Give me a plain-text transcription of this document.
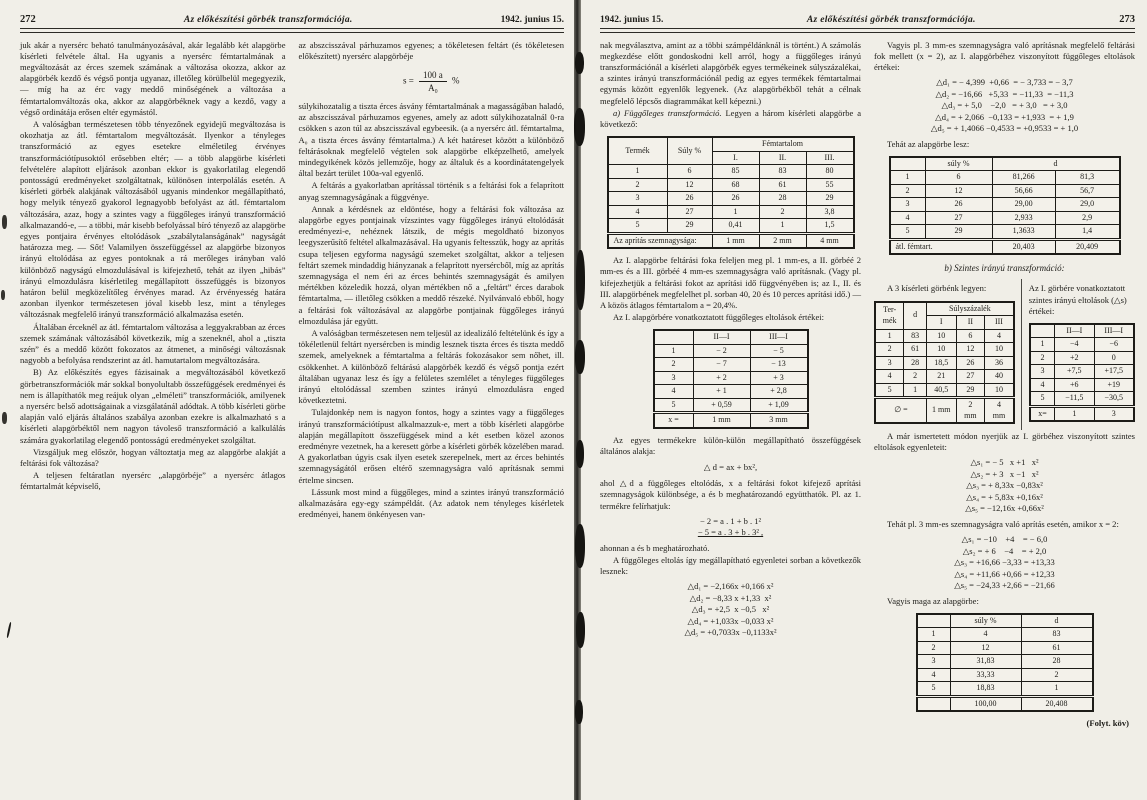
272	Az előkészítési görbék transzformációja.	1942. junius 15.

juk akár a nyersérc beható tanulmányozásával, akár legalább két alapgörbe kísérleti felvétele által. Ha ugyanis a nyersérc fémtartalmának a megváltozását az érces szemek számának a változása okozza, akkor az alapgörbék kezdő és végső pontja ugyanaz, illetőleg körülbelül megegyezik, — míg ha az érc vagy meddő minőségének a változása a fémtartalomváltozás oka, akkor az alapgörbéknek vagy a kezdő, vagy a végső ordinátája erősen eltér egymástól.

A valóságban természetesen több tényezőnek egyidejű megváltozása is okozhatja az átl. fémtartalom megváltozását. Ilyenkor a tényleges transzformáció az egyes esetekre elméletileg érvényes transzformációtípusoktól erősebben eltér; — a több alapgörbe kísérleti felvételére alapított eljárások azonban ekkor is gyakorlatilag elegendő pontosságú eredményeket szolgáltatnak, különösen interpolálás esetén. A kísérleti görbék alakjának változásából ugyanis mindenkor megállapítható, hogy melyik tényező gyakorol legnagyobb befolyást az átl. fémtartalom változására, azaz, hogy a szintes vagy a függőleges irányú transzformáció alkalmazandó-e, — a többi, már kisebb befolyással bíró tényező az alapgörbe egyes pontjaira érvényes eltolódások „szabálytalanságának” nagyságát határozza meg. — Sőt! Valamilyen összefüggéssel az alapgörbe bizonyos irányú eltolódása az egyes pontoknak a rá merőleges irányban való különböző nagyságú elmozdulásával is kifejezhető, tehát az ilyen „hibás” irányú elmozdulásra kísérletileg megállapított összefüggés is bizonyos határon belül megközelítőleg érvényes marad. Az érvényesség határa azonban ilyenkor természetesen jóval kisebb lesz, mint a tényleges változásnak megfelelő irányú transzformáció alkalmazása esetén.

Általában érceknél az átl. fémtartalom változása a leggyakrabban az érces szemek számának változásából következik, míg a szeneknél, ahol a „tiszta szén” és a meddő között fokozatos az átmenet, a minőségi változásnak nagyobb a befolyása rendszerint az átl. hamutartalom megváltozására.

B) Az előkészítés egyes fázisainak a megváltozásából következő görbetranszformációk már sokkal bonyolultabb összefüggések eredményei és nem is állapíthatók meg reájuk olyan „elméleti” transzformációk, amilyenek a nyersérc belső adottságainak a vizsgálatánál adódtak. A több kísérleti görbe alapján való eljárás általános szabálya azonban ezekre is alkalmazható s a kísérleti alapgörbéktől nem nagyon távoleső transzformáció a kalkulálás számára gyakorlatilag elegendő pontosságú eredményeket szolgáltat.

Vizsgáljuk meg először, hogyan változtatja meg az alapgörbe alakját a feltárási fok változása?

A teljesen feltáratlan nyersérc „alapgörbéje” a nyersérc átlagos fémtartalmát képviselő,

az abszcisszával párhuzamos egyenes; a tökéletesen feltárt (és tökéletesen előkészített) nyersérc alapgörbéje

$s = \frac{100 a}{\text{A₀}}$ %

súlykihozatalig a tiszta érces ásvány fémtartalmának a magasságában haladó, az abszcisszával párhuzamos egyenes, amely az adott súlykihozatalnál 0-ra csökken s azon túl az abszcisszával egybeesik. (a a nyersérc átl. fémtartalma, A₀ a tiszta érces ásvány fémtartalma.) A két határeset között a különböző feltárásoknak megfelelő végtelen sok alapgörbe elképzelhető, amelyek mindegyikének közös jellemzője, hogy az általuk és a koordinátatengelyek által bezárt terület 100a-val egyenlő.

A feltárás a gyakorlatban aprítással történik s a feltárási fok a felaprított anyag szemnagyságának a függvénye.

Annak a kérdésnek az eldöntése, hogy a feltárási fok változása az alapgörbe egyes pontjainak vízszintes vagy függőleges irányú eltolódását eredményezi-e, nehéznek látszik, de mégis megoldható bizonyos leegyszerűsítő feltétel alkalmazásával. Ha ugyanis feltesszük, hogy az aprítás csupa teljesen egyforma nagyságú szemeket szolgáltat, akkor a teljesen feltárt szemek mindaddig hiányzanak a felaprított nyersércből, míg az aprítás szemnagysága el nem éri az érces behintés szemnagyságát és amilyen mértékben közeledik hozzá, olyan mértékben nő a „feltárt” érces darabok fémtartalma, — illetőleg csökken a meddő részeké. Nyilvánvaló ebből, hogy a feltárási fok változásával az alapgörbe pontjainak függőleges irányú elmozdulása jár együtt.

A valóságban természetesen nem teljesül az idealizáló feltételünk és így a tökéletlenül feltárt nyersércben is mindig lesznek tiszta érces és tiszta meddő szemek, amelyeknek a fémtartalma a feltárás fokozásakor sem nőhet, ill. csökkenhet. A különböző feltárású alapgörbék kezdő és végső pontja ezért általában ugyanaz lesz és így a felületes szemlélet a tényleges függőleges irányú eltolódással szemben szintes irányú elmozdulásra enged következtetni.

Tulajdonkép nem is nagyon fontos, hogy a szintes vagy a függőleges irányú transzformációtípust alkalmazzuk-e, mert a több kísérleti alapgörbe alapján megállapított összefüggések mind a két esetben közel azonos eredményre vezetnek, ha a keresett görbe a kísérleti görbék közelében marad. A gyakorlatban úgyis csak ilyen esetek szerepelnek, mert az érces behintés szemnagyságától erősen eltérő szemnagyságra való aprításnak semmi értelme sincsen.

Lássunk most mind a függőleges, mind a szintes irányú transzformáció alkalmazására egy-egy számpéldát. (Az adatok nem tényleges kísérletek eredményei, hanem önkényesen van-

1942. junius 15.	Az előkészítési görbék transzformációja.	273

nak megválasztva, amint az a többi számpéldánknál is történt.) A számolás megkezdése előtt gondoskodni kell arról, hogy a függőleges irányú transzformációnál a kísérleti alapgörbék egyes termékeinek súlyszázalékai, a szintes irányú transzformációnál pedig az egyes termékek fémtartalmai egymás között egyenlők legyenek. (Az alapgörbékből tehát a célnak megfelelő lépcsős diagrammákat kell képezni.)

a) Függőleges transzformáció. Legyen a három kísérleti alapgörbe a következő:

Termék	Súly %	Fémtartalom		
		I.	II.	III.
1	6	85	83	80
2	12	68	61	55
3	26	26	28	29
4	27	1	2	3,8
5	29	0,41	1	1,5
Az aprítás szemnagysága:		1 mm	2 mm	4 mm

Az I. alapgörbe feltárási foka feleljen meg pl. 1 mm-es, a II. görbéé 2 mm-es és a III. görbéé 4 mm-es szemnagyságra való aprításnak. (Vagy pl. kifejezhetjük a feltárási fokot az aprítási idő függvényében is; az I., II. és III. alapgörbének megfelelhet pl. sorban 40, 20 és 10 perces aprítási idő.) — A közös átlagos fémtartalom a = 20,4%.

Az I. alapgörbére vonatkoztatott függőleges eltolások értékei:

	II—I	III—I
1	− 2	− 5
2	− 7	− 13
3	+ 2	+ 3
4	+ 1	+ 2,8
5	+ 0,59	+ 1,09
x =	1 mm	3 mm

Az egyes termékekre külön-külön megállapítható összefüggések általános alakja:

△ d = ax + bx²,

ahol △d a függőleges eltolódás, x a feltárási fokot kifejező aprítási szemnagyságok különbsége, a és b meghatározandó együtthatók. Pl. az 1. termékre felírhatjuk:

− 2 = a . 1 + b . 1²
− 5 = a . 3 + b . 3² ,

ahonnan a és b meghatározható.

A függőleges eltolás így megállapítható egyenletei sorban a következők lesznek:

△d₁ = −2,166x +0,166 x²
△d₂ = −8,33 x +1,33  x²
△d₃ = +2,5  x −0,5   x²
△d₄ = +1,033x −0,033 x²
△d₅ = +0,7033x −0,1133x²

Vagyis pl. 3 mm-es szemnagyságra való aprításnak megfelelő feltárási fok mellett (x = 2), az I. alapgörbéhez viszonyított függőleges eltolások értékei:

△d₁ = − 4,399  +0,66  = − 3,733 = − 3,7
△d₂ = −16,66   +5,33  = −11,33  = −11,3
△d₃ = + 5,0    −2,0   = + 3,0   = + 3,0
△d₄ = + 2,066  −0,133 = +1,933  = + 1,9
△d₅ = + 1,4066 −0,4533 = +0,9533 = + 1,0

Tehát az alapgörbe lesz:

	súly %	d	
1	6	81,266	81,3
2	12	56,66	56,7
3	26	29,00	29,0
4	27	2,933	2,9
5	29	1,3633	1,4
átl. fémtart.		20,403	20,409
b) Szintes irányú transzformáció:

A 3 kísérleti görbénk legyen:

Ter-mék	d	Súlyszázalék		
		I	II	III
1	83	10	6	4
2	61	10	12	10
3	28	18,5	26	36
4	2	21	27	40
5	1	40,5	29	10
∅ =		1 mm	2 mm	4 mm

Az I. görbére vonatkoztatott szintes irányú eltolások (△s) értékei:

	II—I	III—I
1	−4	−6
2	+2	0
3	+7,5	+17,5
4	+6	+19
5	−11,5	−30,5
x=	1	3

A már ismertetett módon nyerjük az I. görbéhez viszonyított szintes eltolások egyenleteit:

△s₁ = − 5   x +1   x²
△s₂ = + 3   x −1   x²
△s₃ = + 8,33x −0,83x²
△s₄ = + 5,83x +0,16x²
△s₅ = −12,16x +0,66x²

Tehát pl. 3 mm-es szemnagyságra való aprítás esetén, amikor x = 2:

△s₁ = −10    +4    = − 6,0
△s₂ = + 6    −4    = + 2,0
△s₃ = +16,66 −3,33 = +13,33
△s₄ = +11,66 +0,66 = +12,33
△s₅ = −24,33 +2,66 = −21,66

Vagyis maga az alapgörbe:

	súly %	d
1	4	83
2	12	61
3	31,83	28
4	33,33	2
5	18,83	1
	100,00	20,408
(Folyt. köv)
